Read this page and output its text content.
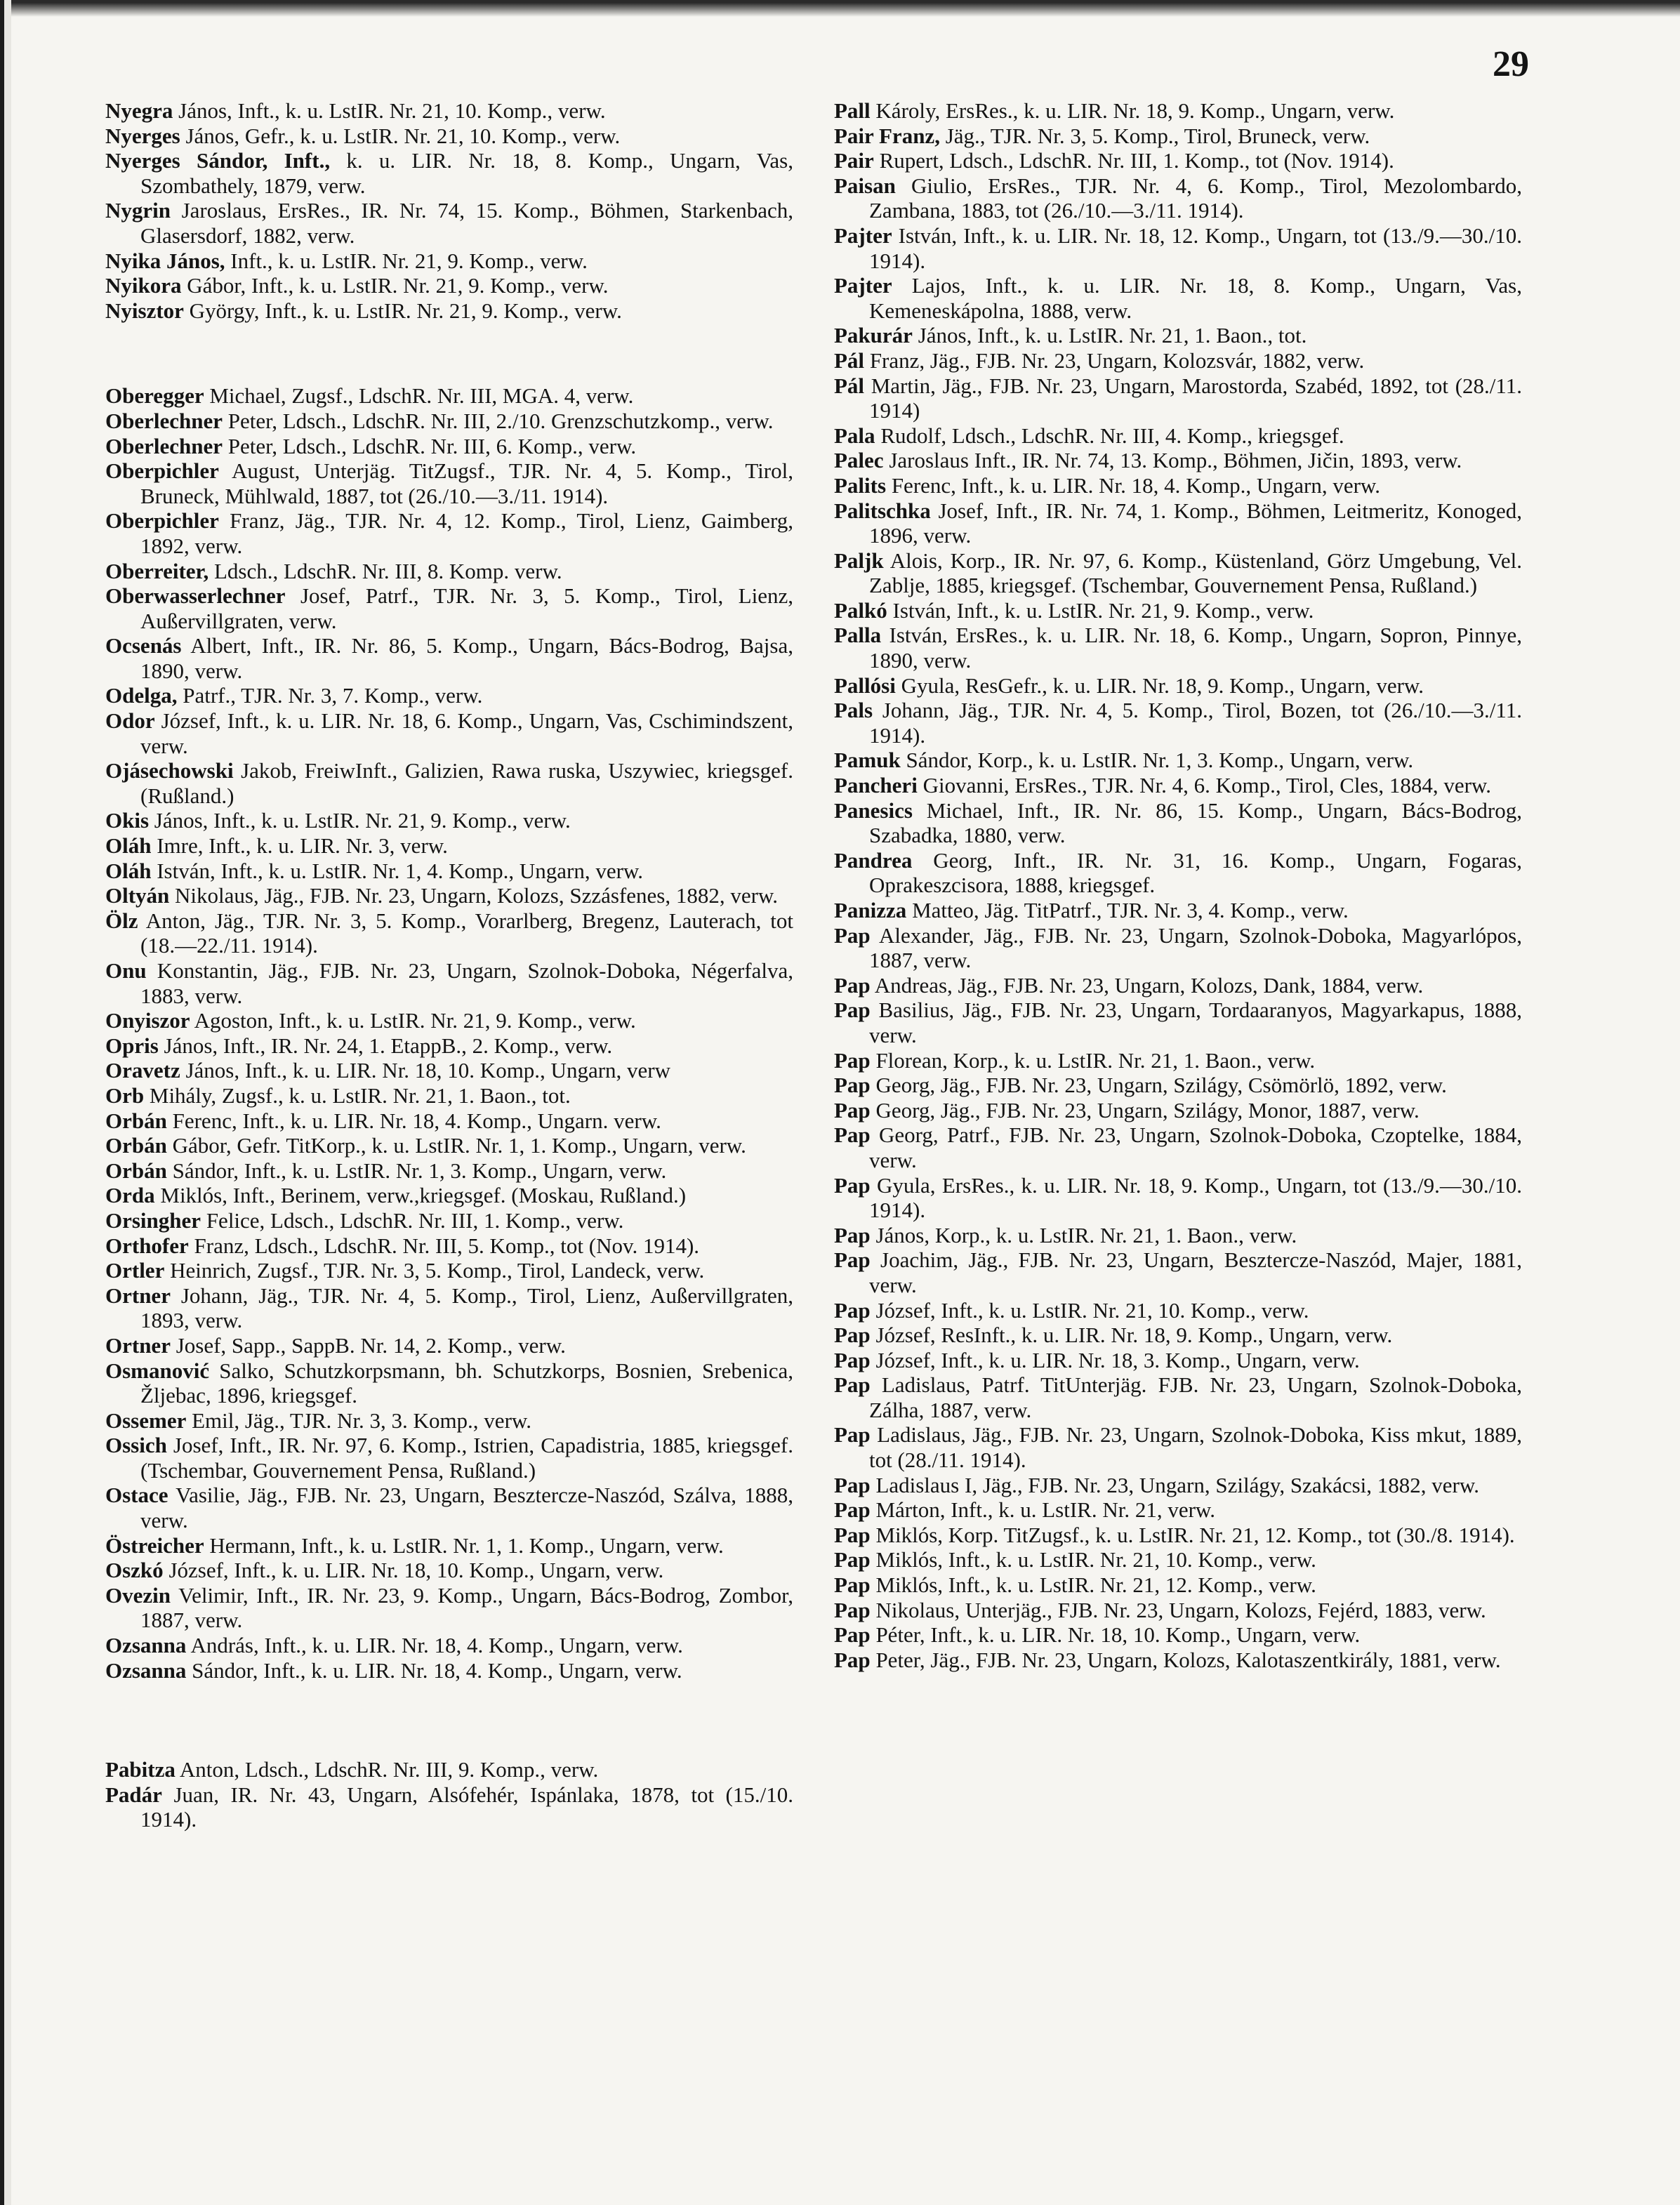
29

Nyegra János, Inft., k. u. LstIR. Nr. 21, 10. Komp., verw.

Nyerges János, Gefr., k. u. LstIR. Nr. 21, 10. Komp., verw.

Nyerges Sándor, Inft., k. u. LIR. Nr. 18, 8. Komp., Ungarn, Vas, Szombathely, 1879, verw.

Nygrin Jaroslaus, ErsRes., IR. Nr. 74, 15. Komp., Böhmen, Starkenbach, Glasersdorf, 1882, verw.

Nyika János, Inft., k. u. LstIR. Nr. 21, 9. Komp., verw.

Nyikora Gábor, Inft., k. u. LstIR. Nr. 21, 9. Komp., verw.

Nyisztor György, Inft., k. u. LstIR. Nr. 21, 9. Komp., verw.

Oberegger Michael, Zugsf., LdschR. Nr. III, MGA. 4, verw.

Oberlechner Peter, Ldsch., LdschR. Nr. III, 2./10. Grenzschutzkomp., verw.

Oberlechner Peter, Ldsch., LdschR. Nr. III, 6. Komp., verw.

Oberpichler August, Unterjäg. TitZugsf., TJR. Nr. 4, 5. Komp., Tirol, Bruneck, Mühlwald, 1887, tot (26./10.—3./11. 1914).

Oberpichler Franz, Jäg., TJR. Nr. 4, 12. Komp., Tirol, Lienz, Gaimberg, 1892, verw.

Oberreiter, Ldsch., LdschR. Nr. III, 8. Komp. verw.

Oberwasserlechner Josef, Patrf., TJR. Nr. 3, 5. Komp., Tirol, Lienz, Außervillgraten, verw.

Ocsenás Albert, Inft., IR. Nr. 86, 5. Komp., Ungarn, Bács-Bodrog, Bajsa, 1890, verw.

Odelga, Patrf., TJR. Nr. 3, 7. Komp., verw.

Odor József, Inft., k. u. LIR. Nr. 18, 6. Komp., Ungarn, Vas, Cschimindszent, verw.

Ojásechowski Jakob, FreiwInft., Galizien, Rawa ruska, Uszywiec, kriegsgef. (Rußland.)

Okis János, Inft., k. u. LstIR. Nr. 21, 9. Komp., verw.

Oláh Imre, Inft., k. u. LIR. Nr. 3, verw.

Oláh István, Inft., k. u. LstIR. Nr. 1, 4. Komp., Ungarn, verw.

Oltyán Nikolaus, Jäg., FJB. Nr. 23, Ungarn, Kolozs, Szzásfenes, 1882, verw.

Ölz Anton, Jäg., TJR. Nr. 3, 5. Komp., Vorarlberg, Bregenz, Lauterach, tot (18.—22./11. 1914).

Onu Konstantin, Jäg., FJB. Nr. 23, Ungarn, Szolnok-Doboka, Négerfalva, 1883, verw.

Onyiszor Agoston, Inft., k. u. LstIR. Nr. 21, 9. Komp., verw.

Opris János, Inft., IR. Nr. 24, 1. EtappB., 2. Komp., verw.

Oravetz János, Inft., k. u. LIR. Nr. 18, 10. Komp., Ungarn, verw

Orb Mihály, Zugsf., k. u. LstIR. Nr. 21, 1. Baon., tot.

Orbán Ferenc, Inft., k. u. LIR. Nr. 18, 4. Komp., Ungarn. verw.

Orbán Gábor, Gefr. TitKorp., k. u. LstIR. Nr. 1, 1. Komp., Ungarn, verw.

Orbán Sándor, Inft., k. u. LstIR. Nr. 1, 3. Komp., Ungarn, verw.

Orda Miklós, Inft., Berinem, verw.,kriegsgef. (Moskau, Rußland.)

Orsingher Felice, Ldsch., LdschR. Nr. III, 1. Komp., verw.

Orthofer Franz, Ldsch., LdschR. Nr. III, 5. Komp., tot (Nov. 1914).

Ortler Heinrich, Zugsf., TJR. Nr. 3, 5. Komp., Tirol, Landeck, verw.

Ortner Johann, Jäg., TJR. Nr. 4, 5. Komp., Tirol, Lienz, Außervillgraten, 1893, verw.

Ortner Josef, Sapp., SappB. Nr. 14, 2. Komp., verw.

Osmanović Salko, Schutzkorpsmann, bh. Schutzkorps, Bosnien, Srebenica, Žljebac, 1896, kriegsgef.

Ossemer Emil, Jäg., TJR. Nr. 3, 3. Komp., verw.

Ossich Josef, Inft., IR. Nr. 97, 6. Komp., Istrien, Capadistria, 1885, kriegsgef. (Tschembar, Gouvernement Pensa, Rußland.)

Ostace Vasilie, Jäg., FJB. Nr. 23, Ungarn, Besztercze-Naszód, Szálva, 1888, verw.

Östreicher Hermann, Inft., k. u. LstIR. Nr. 1, 1. Komp., Ungarn, verw.

Oszkó József, Inft., k. u. LIR. Nr. 18, 10. Komp., Ungarn, verw.

Ovezin Velimir, Inft., IR. Nr. 23, 9. Komp., Ungarn, Bács-Bodrog, Zombor, 1887, verw.

Ozsanna András, Inft., k. u. LIR. Nr. 18, 4. Komp., Ungarn, verw.

Ozsanna Sándor, Inft., k. u. LIR. Nr. 18, 4. Komp., Ungarn, verw.

Pabitza Anton, Ldsch., LdschR. Nr. III, 9. Komp., verw.

Padár Juan, IR. Nr. 43, Ungarn, Alsófehér, Ispánlaka, 1878, tot (15./10. 1914).

Pall Károly, ErsRes., k. u. LIR. Nr. 18, 9. Komp., Ungarn, verw.

Pair Franz, Jäg., TJR. Nr. 3, 5. Komp., Tirol, Bruneck, verw.

Pair Rupert, Ldsch., LdschR. Nr. III, 1. Komp., tot (Nov. 1914).

Paisan Giulio, ErsRes., TJR. Nr. 4, 6. Komp., Tirol, Mezolombardo, Zambana, 1883, tot (26./10.—3./11. 1914).

Pajter István, Inft., k. u. LIR. Nr. 18, 12. Komp., Ungarn, tot (13./9.—30./10. 1914).

Pajter Lajos, Inft., k. u. LIR. Nr. 18, 8. Komp., Ungarn, Vas, Kemeneskápolna, 1888, verw.

Pakurár János, Inft., k. u. LstIR. Nr. 21, 1. Baon., tot.

Pál Franz, Jäg., FJB. Nr. 23, Ungarn, Kolozsvár, 1882, verw.

Pál Martin, Jäg., FJB. Nr. 23, Ungarn, Marostorda, Szabéd, 1892, tot (28./11. 1914)

Pala Rudolf, Ldsch., LdschR. Nr. III, 4. Komp., kriegsgef.

Palec Jaroslaus Inft., IR. Nr. 74, 13. Komp., Böhmen, Jičin, 1893, verw.

Palits Ferenc, Inft., k. u. LIR. Nr. 18, 4. Komp., Ungarn, verw.

Palitschka Josef, Inft., IR. Nr. 74, 1. Komp., Böhmen, Leitmeritz, Konoged, 1896, verw.

Paljk Alois, Korp., IR. Nr. 97, 6. Komp., Küstenland, Görz Umgebung, Vel. Zablje, 1885, kriegsgef. (Tschembar, Gouvernement Pensa, Rußland.)

Palkó István, Inft., k. u. LstIR. Nr. 21, 9. Komp., verw.

Palla István, ErsRes., k. u. LIR. Nr. 18, 6. Komp., Ungarn, Sopron, Pinnye, 1890, verw.

Pallósi Gyula, ResGefr., k. u. LIR. Nr. 18, 9. Komp., Ungarn, verw.

Pals Johann, Jäg., TJR. Nr. 4, 5. Komp., Tirol, Bozen, tot (26./10.—3./11. 1914).

Pamuk Sándor, Korp., k. u. LstIR. Nr. 1, 3. Komp., Ungarn, verw.

Pancheri Giovanni, ErsRes., TJR. Nr. 4, 6. Komp., Tirol, Cles, 1884, verw.

Panesics Michael, Inft., IR. Nr. 86, 15. Komp., Ungarn, Bács-Bodrog, Szabadka, 1880, verw.

Pandrea Georg, Inft., IR. Nr. 31, 16. Komp., Ungarn, Fogaras, Oprakeszcisora, 1888, kriegsgef.

Panizza Matteo, Jäg. TitPatrf., TJR. Nr. 3, 4. Komp., verw.

Pap Alexander, Jäg., FJB. Nr. 23, Ungarn, Szolnok-Doboka, Magyarlópos, 1887, verw.

Pap Andreas, Jäg., FJB. Nr. 23, Ungarn, Kolozs, Dank, 1884, verw.

Pap Basilius, Jäg., FJB. Nr. 23, Ungarn, Tordaaranyos, Magyarkapus, 1888, verw.

Pap Florean, Korp., k. u. LstIR. Nr. 21, 1. Baon., verw.

Pap Georg, Jäg., FJB. Nr. 23, Ungarn, Szilágy, Csömörlö, 1892, verw.

Pap Georg, Jäg., FJB. Nr. 23, Ungarn, Szilágy, Monor, 1887, verw.

Pap Georg, Patrf., FJB. Nr. 23, Ungarn, Szolnok-Doboka, Czoptelke, 1884, verw.

Pap Gyula, ErsRes., k. u. LIR. Nr. 18, 9. Komp., Ungarn, tot (13./9.—30./10. 1914).

Pap János, Korp., k. u. LstIR. Nr. 21, 1. Baon., verw.

Pap Joachim, Jäg., FJB. Nr. 23, Ungarn, Besztercze-Naszód, Majer, 1881, verw.

Pap József, Inft., k. u. LstIR. Nr. 21, 10. Komp., verw.

Pap József, ResInft., k. u. LIR. Nr. 18, 9. Komp., Ungarn, verw.

Pap József, Inft., k. u. LIR. Nr. 18, 3. Komp., Ungarn, verw.

Pap Ladislaus, Patrf. TitUnterjäg. FJB. Nr. 23, Ungarn, Szolnok-Doboka, Zálha, 1887, verw.

Pap Ladislaus, Jäg., FJB. Nr. 23, Ungarn, Szolnok-Doboka, Kiss mkut, 1889, tot (28./11. 1914).

Pap Ladislaus I, Jäg., FJB. Nr. 23, Ungarn, Szilágy, Szakácsi, 1882, verw.

Pap Márton, Inft., k. u. LstIR. Nr. 21, verw.

Pap Miklós, Korp. TitZugsf., k. u. LstIR. Nr. 21, 12. Komp., tot (30./8. 1914).

Pap Miklós, Inft., k. u. LstIR. Nr. 21, 10. Komp., verw.

Pap Miklós, Inft., k. u. LstIR. Nr. 21, 12. Komp., verw.

Pap Nikolaus, Unterjäg., FJB. Nr. 23, Ungarn, Kolozs, Fejérd, 1883, verw.

Pap Péter, Inft., k. u. LIR. Nr. 18, 10. Komp., Ungarn, verw.

Pap Peter, Jäg., FJB. Nr. 23, Ungarn, Kolozs, Kalotaszentkirály, 1881, verw.
